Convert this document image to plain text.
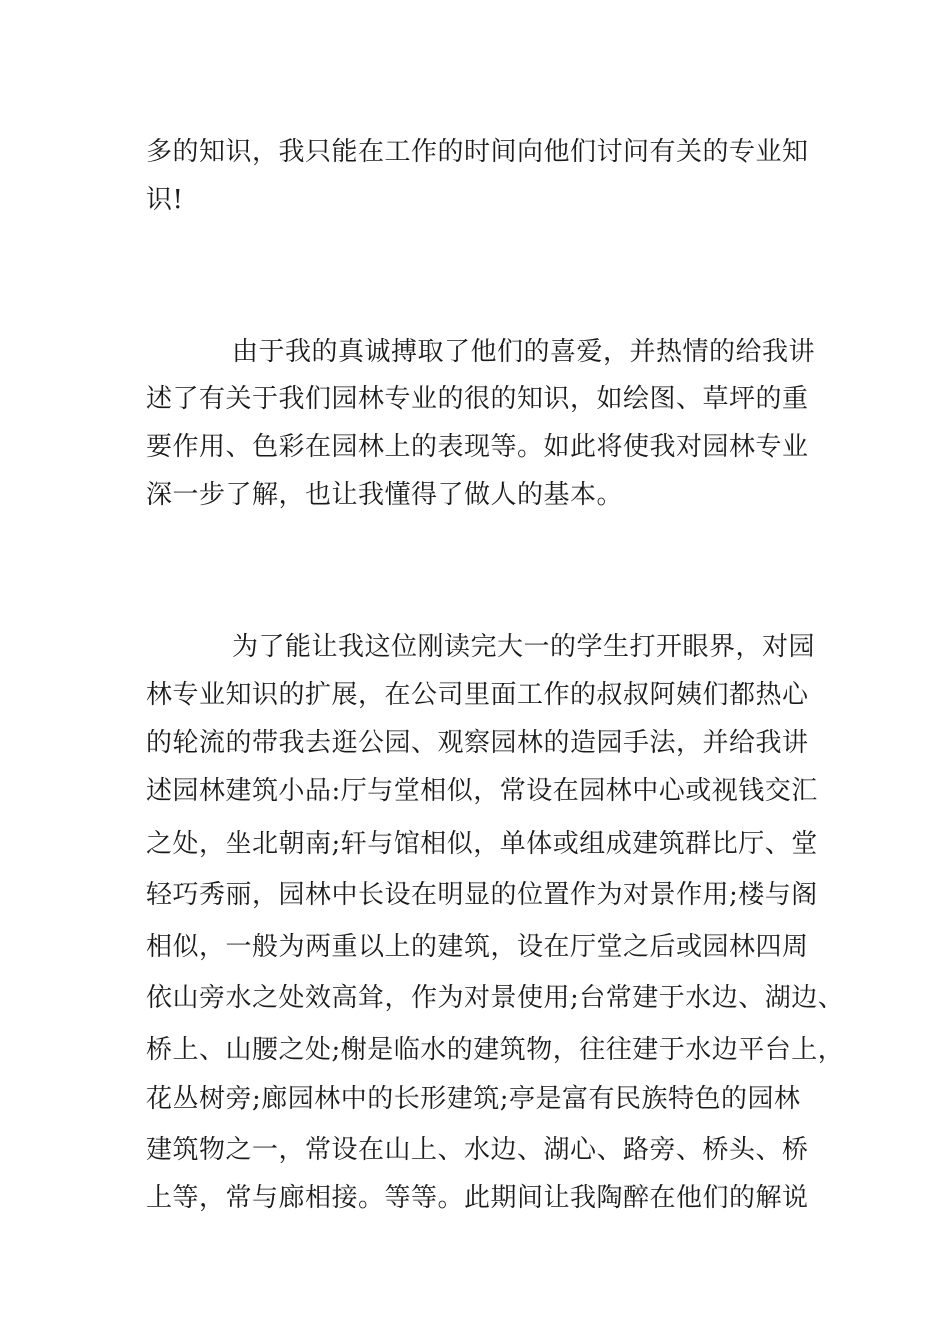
多的知识，我只能在工作的时间向他们讨问有关的专业知
识!
由于我的真诚搏取了他们的喜爱，并热情的给我讲
述了有关于我们园林专业的很的知识，如绘图、草坪的重
要作用、色彩在园林上的表现等。如此将使我对园林专业
深一步了解，也让我懂得了做人的基本。
为了能让我这位刚读完大一的学生打开眼界，对园
林专业知识的扩展，在公司里面工作的叔叔阿姨们都热心
的轮流的带我去逛公园、观察园林的造园手法，并给我讲
述园林建筑小品:厅与堂相似，常设在园林中心或视钱交汇
之处，坐北朝南;轩与馆相似，单体或组成建筑群比厅、堂
轻巧秀丽，园林中长设在明显的位置作为对景作用;楼与阁
相似，一般为两重以上的建筑，设在厅堂之后或园林四周
依山旁水之处效高耸，作为对景使用;台常建于水边、湖边、
桥上、山腰之处;榭是临水的建筑物，往往建于水边平台上，
花丛树旁;廊园林中的长形建筑;亭是富有民族特色的园林
建筑物之一，常设在山上、水边、湖心、路旁、桥头、桥
上等，常与廊相接。等等。此期间让我陶醉在他们的解说
